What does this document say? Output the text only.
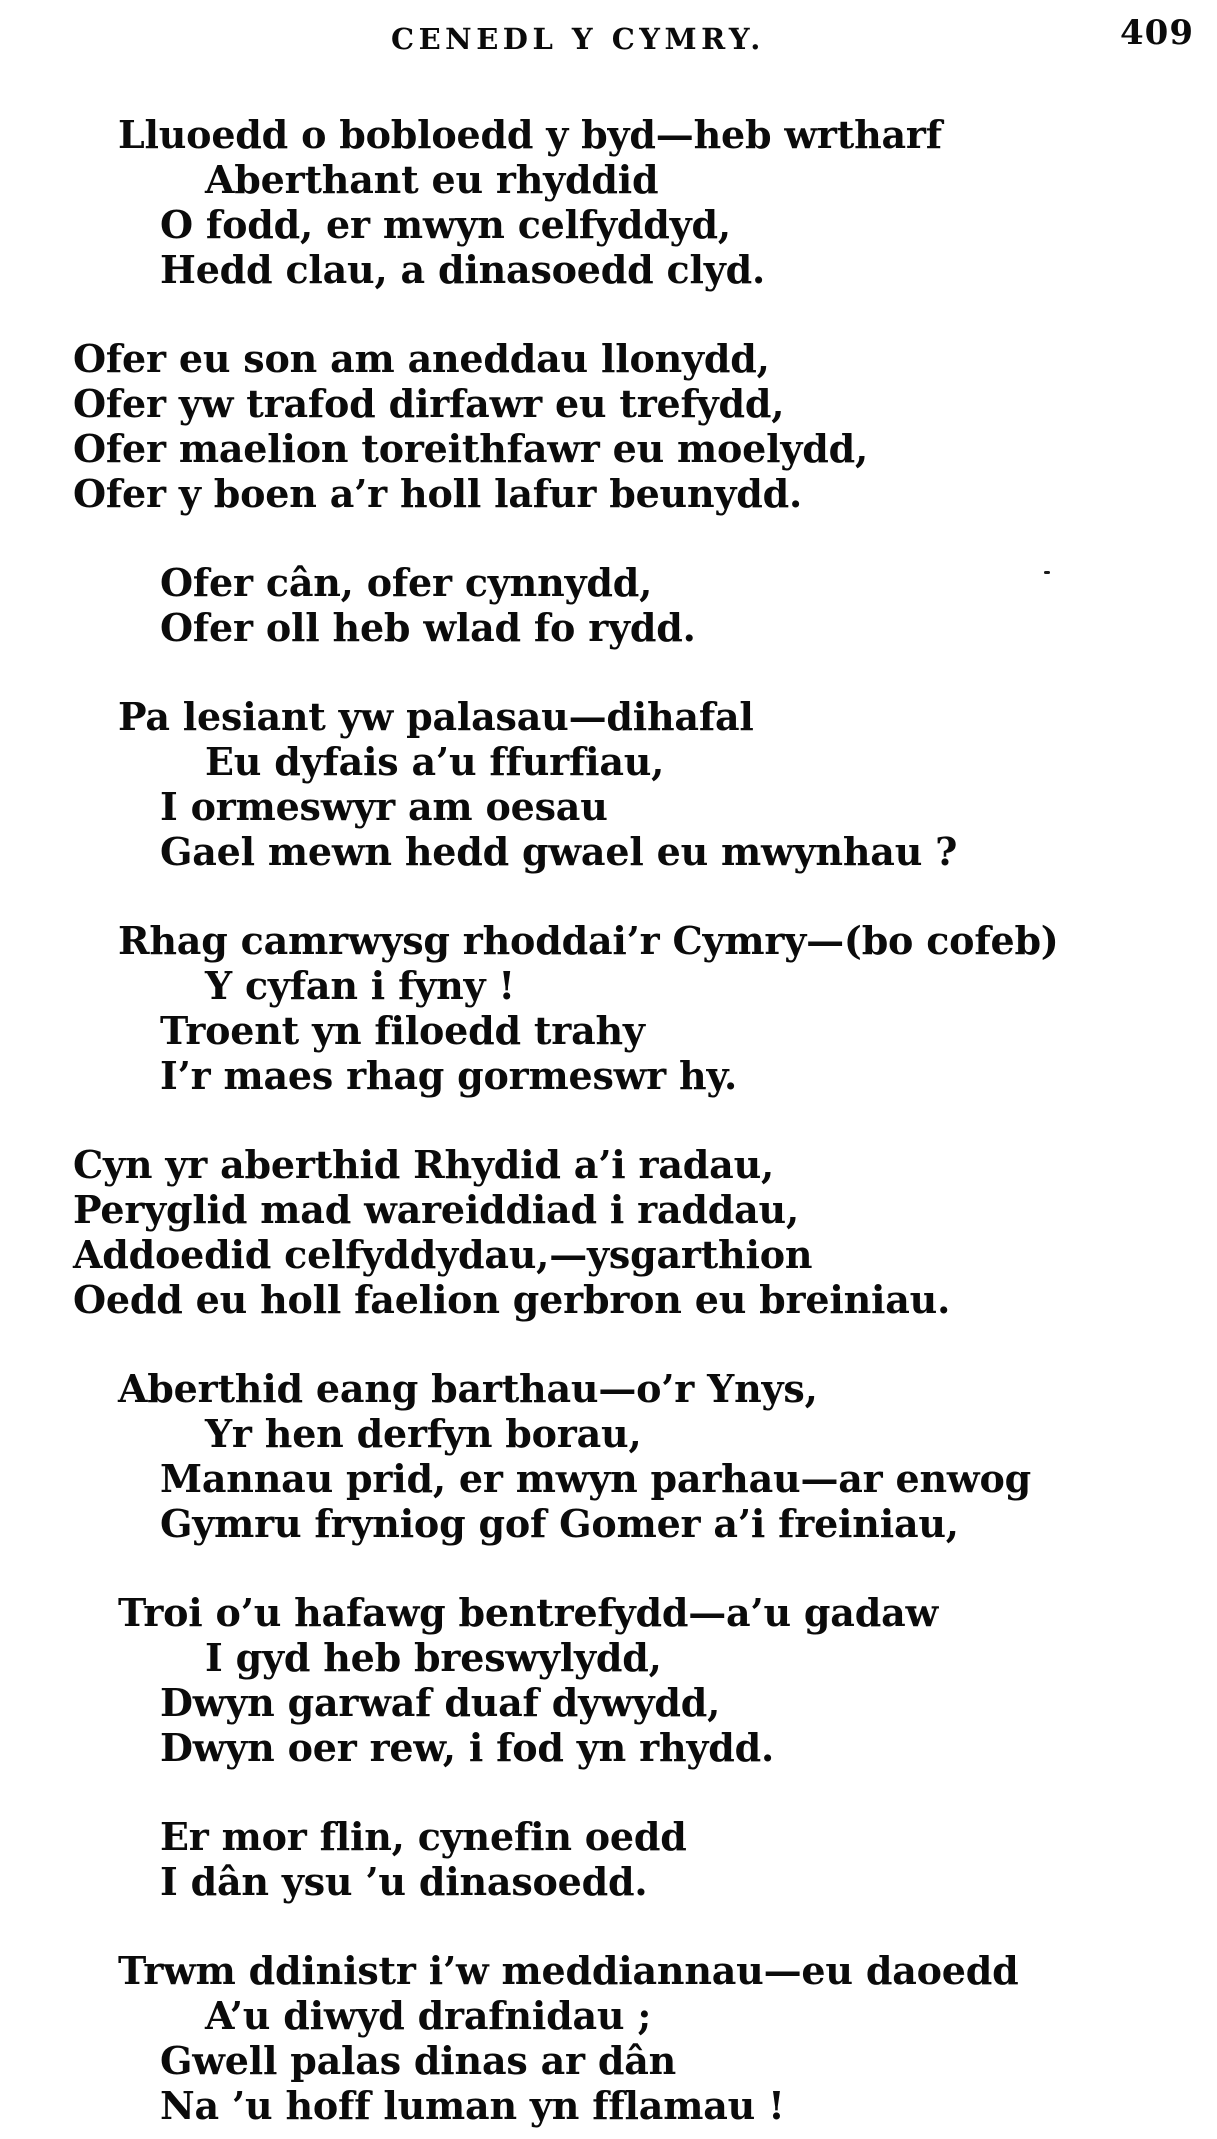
CENEDL Y CYMRY.	409
Lluoedd o bobloedd y byd—heb wrtharf
Aberthant eu rhyddid
O fodd, er mwyn celfyddyd,
Hedd clau, a dinasoedd clyd.
Ofer eu son am aneddau llonydd,
Ofer yw trafod dirfawr eu trefydd,
Ofer maelion toreithfawr eu moelydd,
Ofer y boen a’r holl lafur beunydd.
Ofer cân, ofer cynnydd,
Ofer oll heb wlad fo rydd.
Pa lesiant yw palasau—dihafal
Eu dyfais a’u ffurfiau,
I ormeswyr am oesau
Gael mewn hedd gwael eu mwynhau ?
Rhag camrwysg rhoddai’r Cymry—(bo cofeb)
Y cyfan i fyny !
Troent yn filoedd trahy
I’r maes rhag gormeswr hy.
Cyn yr aberthid Rhydid a’i radau,
Peryglid mad wareiddiad i raddau,
Addoedid celfyddydau,—ysgarthion
Oedd eu holl faelion gerbron eu breiniau.
Aberthid eang barthau—o’r Ynys,
Yr hen derfyn borau,
Mannau prid, er mwyn parhau—ar enwog
Gymru fryniog gof Gomer a’i freiniau,
Troi o’u hafawg bentrefydd—a’u gadaw
I gyd heb breswylydd,
Dwyn garwaf duaf dywydd,
Dwyn oer rew, i fod yn rhydd.
Er mor flin, cynefin oedd
I dân ysu ’u dinasoedd.
Trwm ddinistr i’w meddiannau—eu daoedd
A’u diwyd drafnidau ;
Gwell palas dinas ar dân
Na ’u hoff luman yn fflamau !
